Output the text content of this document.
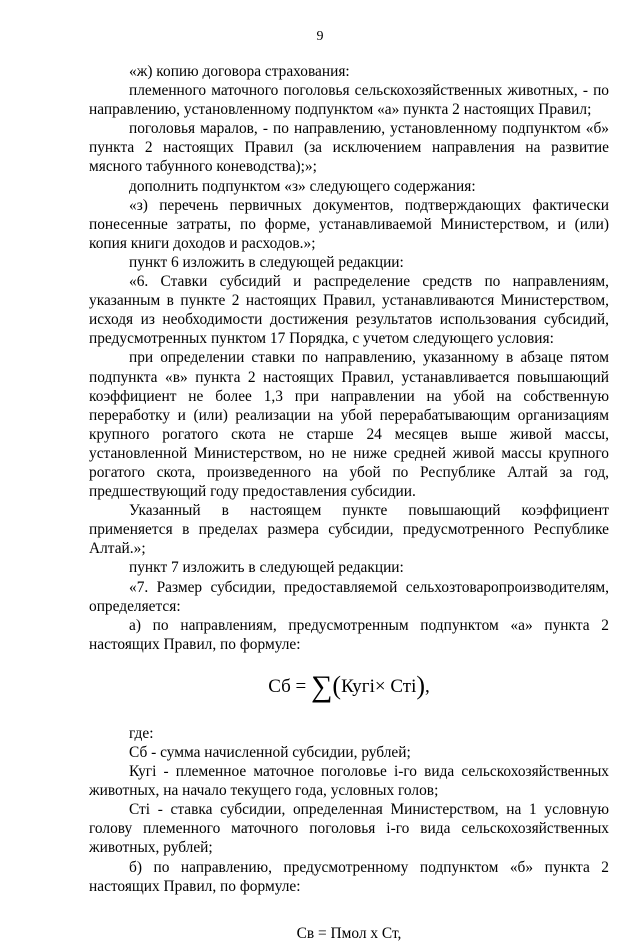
9

«ж) копию договора страхования:

племенного маточного поголовья сельскохозяйственных животных, - по направлению, установленному подпунктом «а» пункта 2 настоящих Правил;

поголовья маралов, - по направлению, установленному подпунктом «б» пункта 2 настоящих Правил (за исключением направления на развитие мясного табунного коневодства);»;

дополнить подпунктом «з» следующего содержания:

«з) перечень первичных документов, подтверждающих фактически понесенные затраты, по форме, устанавливаемой Министерством, и (или) копия книги доходов и расходов.»;

пункт 6 изложить в следующей редакции:

«6. Ставки субсидий и распределение средств по направлениям, указанным в пункте 2 настоящих Правил, устанавливаются Министерством, исходя из необходимости достижения результатов использования субсидий, предусмотренных пунктом 17 Порядка, с учетом следующего условия:

при определении ставки по направлению, указанному в абзаце пятом подпункта «в» пункта 2 настоящих Правил, устанавливается повышающий коэффициент не более 1,3 при направлении на убой на собственную переработку и (или) реализации на убой перерабатывающим организациям крупного рогатого скота не старше 24 месяцев выше живой массы, установленной Министерством, но не ниже средней живой массы крупного рогатого скота, произведенного на убой по Республике Алтай за год, предшествующий году предоставления субсидии.

Указанный в настоящем пункте повышающий коэффициент применяется в пределах размера субсидии, предусмотренного Республике Алтай.»;

пункт 7 изложить в следующей редакции:

«7. Размер субсидии, предоставляемой сельхозтоваропроизводителям, определяется:

а) по направлениям, предусмотренным подпунктом «а» пункта 2 настоящих Правил, по формуле:

Сб = ∑(Кугі× Сті),

где:

Сб - сумма начисленной субсидии, рублей;

Кугі - племенное маточное поголовье і-го вида сельскохозяйственных животных, на начало текущего года, условных голов;

Сті - ставка субсидии, определенная Министерством, на 1 условную голову племенного маточного поголовья і-го вида сельскохозяйственных животных, рублей;

б) по направлению, предусмотренному подпунктом «б» пункта 2 настоящих Правил, по формуле:

Св = Пмол х Ст,
